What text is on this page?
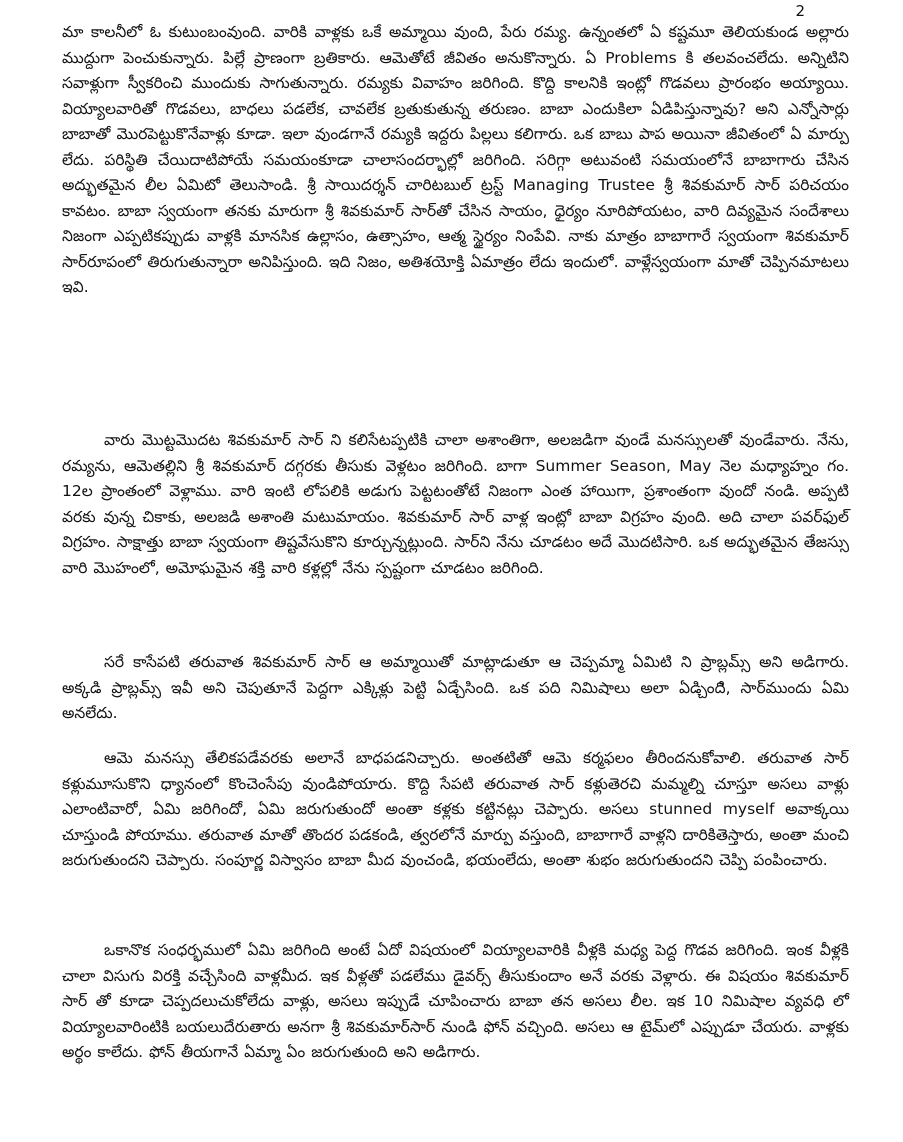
2

మా కాలనీలో ఓ కుటుంబంవుంది. వారికి వాళ్లకు ఒకే అమ్మాయి వుంది, పేరు రమ్య. ఉన్నంతలో ఏ కష్టమూ తెలియకుండ అల్లారు ముద్దుగా పెంచుకున్నారు. పిల్లే ప్రాణంగా బ్రతికారు. ఆమెతోటే జీవితం అనుకొన్నారు. ఏ Problems కి తలవంచలేదు. అన్నిటిని సవాళ్లుగా స్వీకరించి ముందుకు సాగుతున్నారు. రమ్యకు వివాహం జరిగింది. కొద్ది కాలనికి ఇంట్లో గొడవలు ప్రారంభం అయ్యాయి. వియ్యాలవారితో గొడవలు, బాధలు పడలేక, చావలేక బ్రతుకుతున్న తరుణం. బాబా ఎందుకిలా ఏడిపిస్తున్నావు? అని ఎన్నోసార్లు బాబాతో మొరపెట్టుకొనేవాళ్లు కూడా. ఇలా వుండగానే రమ్యకి ఇద్దరు పిల్లలు కలిగారు. ఒక బాబు పాప అయినా జీవితంలో ఏ మార్పు లేదు. పరిస్థితి చేయిదాటిపోయే సమయంకూడా చాలాసందర్భాల్లో జరిగింది. సరిగ్గా అటువంటి సమయంలోనే బాబాగారు చేసిన అద్భుతమైన లీల ఏమిటో తెలుసాండి. శ్రీ సాయిదర్శన్ చారిటబుల్ ట్రస్ట్ Managing Trustee శ్రీ శివకుమార్ సార్ పరిచయం కావటం. బాబా స్వయంగా తనకు మారుగా శ్రీ శివకుమార్ సార్‌తో చేసిన సాయం, ధైర్యం నూరిపోయటం, వారి దివ్యమైన సందేశాలు నిజంగా ఎప్పటికప్పుడు వాళ్లకి మానసిక ఉల్లాసం, ఉత్సాహం, ఆత్మ స్థైర్యం నింపేవి. నాకు మాత్రం బాబాగారే స్వయంగా శివకుమార్ సార్‌రూపంలో తిరుగుతున్నారా అనిపిస్తుంది. ఇది నిజం, అతిశయోక్తి ఏమాత్రం లేదు ఇందులో. వాళ్లేస్వయంగా మాతో చెప్పినమాటలు ఇవి.

వారు మొట్టమొదట శివకుమార్ సార్ ని కలిసేటప్పటికి చాలా అశాంతిగా, అలజడిగా వుండే మనస్సులతో వుండేవారు. నేను, రమ్యను, ఆమెతల్లిని శ్రీ శివకుమార్ దగ్గరకు తీసుకు వెళ్లటం జరిగింది. బాగా Summer Season, May నెల మధ్యాహ్నం గం. 12ల ప్రాంతంలో వెళ్లాము. వారి ఇంటి లోపలికి అడుగు పెట్టటంతోటే నిజంగా ఎంత హాయిగా, ప్రశాంతంగా వుందో నండి. అప్పటి వరకు వున్న చికాకు, అలజడి అశాంతి మటుమాయం. శివకుమార్ సార్ వాళ్ల ఇంట్లో బాబా విగ్రహం వుంది. అది చాలా పవర్‌ఫుల్ విగ్రహం. సాక్షాత్తు బాబా స్వయంగా తిష్టవేసుకొని కూర్చున్నట్లుంది. సార్‌ని నేను చూడటం అదే మొదటిసారి. ఒక అద్భుతమైన తేజస్సు వారి మొహంలో, అమోఘమైన శక్తి వారి కళ్లల్లో నేను స్పష్టంగా చూడటం జరిగింది.

సరే కాసేపటి తరువాత శివకుమార్ సార్ ఆ అమ్మాయితో మాట్లాడుతూ ఆ చెప్పమ్మా ఏమిటి ని ప్రాబ్లమ్స్ అని అడిగారు. అక్కడి ప్రాబ్లమ్స్ ఇవీ అని చెపుతూనే పెద్దగా ఎక్కిళ్లు పెట్టి ఏడ్చేసింది. ఒక పది నిమిషాలు అలా ఏడ్చిందిి, సార్‌ముందు ఏమి అనలేదు.

ఆమె మనస్సు తేలికపడేవరకు అలానే బాధపడనిచ్చారు. అంతటితో ఆమె కర్మఫలం తీరిందనుకోవాలి. తరువాత సార్ కళ్లుమూసుకొని ధ్యానంలో కొంచెంసేపు వుండిపోయారు. కొద్ది సేపటి తరువాత సార్ కళ్లుతెరచి మమ్మల్ని చూస్తూ అసలు వాళ్లు ఎలాంటివారో, ఏమి జరిగిందో, ఏమి జరుగుతుందో అంతా కళ్లకు కట్టినట్లు చెప్పారు. అసలు stunned myself అవాక్కయి చూస్తుండి పోయాము. తరువాత మాతో తొందర పడకండి, త్వరలోనే మార్పు వస్తుంది, బాబాగారే వాళ్లని దారికితెస్తారు, అంతా మంచి జరుగుతుందని చెప్పారు. సంపూర్ణ విస్వాసం బాబా మీద వుంచండి, భయంలేదు, అంతా శుభం జరుగుతుందని చెప్పి పంపించారు.

ఒకానొక సంధర్భములో ఏమి జరిగింది అంటే ఏదో విషయంలో వియ్యాలవారికి వీళ్లకి మధ్య పెద్ద గొడవ జరిగింది. ఇంక వీళ్లకి చాలా విసుగు విరక్తి వచ్చేసింది వాళ్లమీద. ఇక వీళ్లతో పడలేము డైవర్స్ తీసుకుందాం అనే వరకు వెళ్లారు. ఈ విషయం శివకుమార్ సార్ తో కూడా చెప్పదలుచుకోలేదు వాళ్లు, అసలు ఇప్పుడే చూపించారు బాబా తన అసలు లీల. ఇక 10 నిమిషాల వ్యవధి లో వియ్యాలవారింటికి బయలుదేరుతారు అనగా శ్రీ శివకుమార్‌సార్ నుండి ఫోన్ వచ్చింది. అసలు ఆ టైమ్‌లో ఎప్పుడూ చేయరు. వాళ్లకు అర్థం కాలేదు. ఫోన్ తీయగానే ఏమ్మా ఏం జరుగుతుంది అని అడిగారు.
